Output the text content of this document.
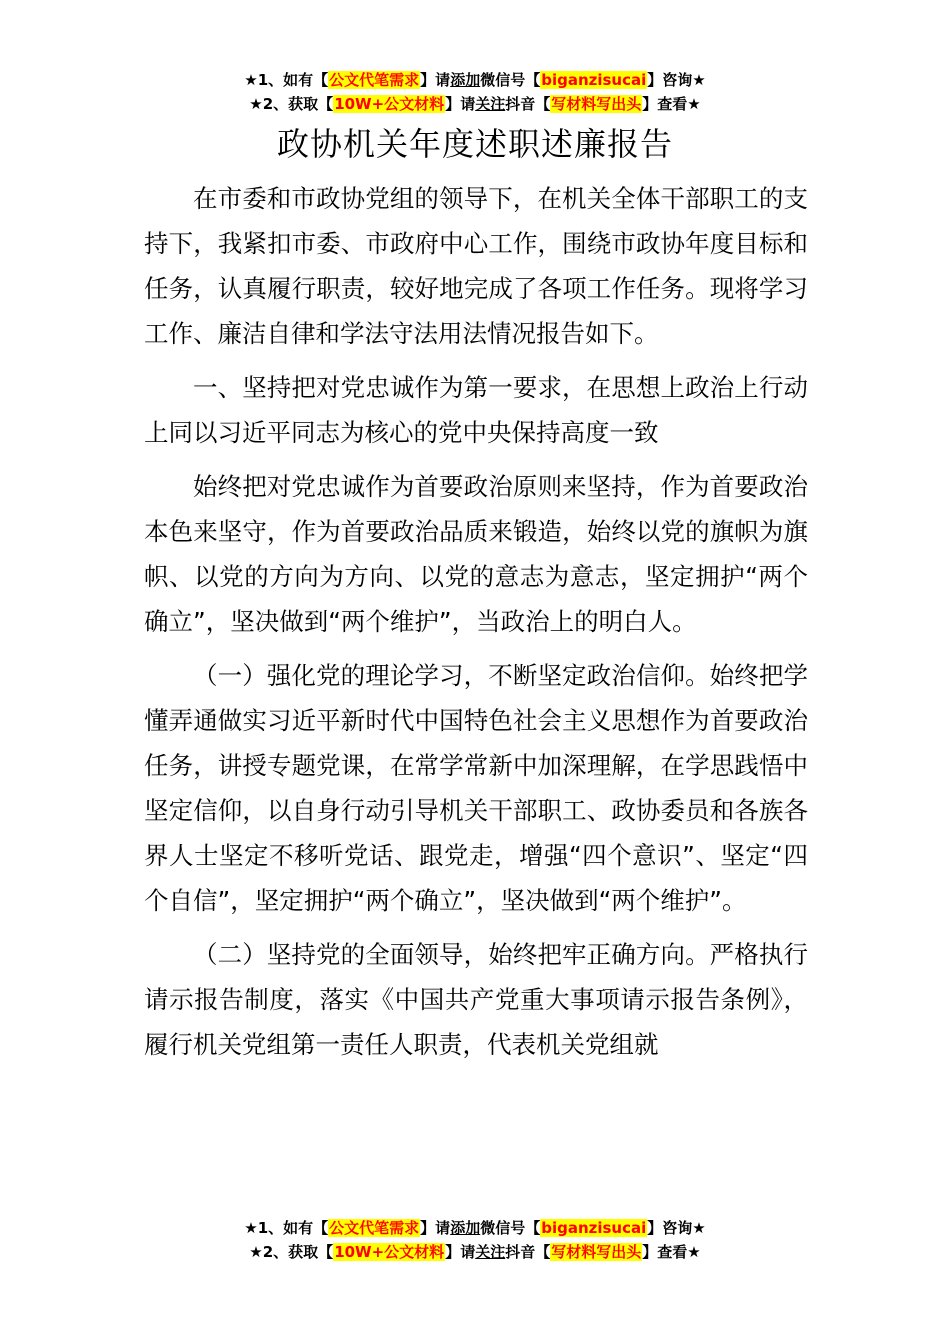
★1、如有【公文代笔需求】请添加微信号【biganzisucai】咨询★
★2、获取【10W+公文材料】请关注抖音【写材料写出头】查看★
政协机关年度述职述廉报告

在市委和市政协党组的领导下，在机关全体干部职工的支持下，我紧扣市委、市政府中心工作，围绕市政协年度目标和任务，认真履行职责，较好地完成了各项工作任务。现将学习工作、廉洁自律和学法守法用法情况报告如下。

一、坚持把对党忠诚作为第一要求，在思想上政治上行动上同以习近平同志为核心的党中央保持高度一致

始终把对党忠诚作为首要政治原则来坚持，作为首要政治本色来坚守，作为首要政治品质来锻造，始终以党的旗帜为旗帜、以党的方向为方向、以党的意志为意志，坚定拥护“两个确立”，坚决做到“两个维护”，当政治上的明白人。

（一）强化党的理论学习，不断坚定政治信仰。始终把学懂弄通做实习近平新时代中国特色社会主义思想作为首要政治任务，讲授专题党课，在常学常新中加深理解，在学思践悟中坚定信仰，以自身行动引导机关干部职工、政协委员和各族各界人士坚定不移听党话、跟党走，增强“四个意识”、坚定“四个自信”，坚定拥护“两个确立”，坚决做到“两个维护”。

（二）坚持党的全面领导，始终把牢正确方向。严格执行请示报告制度，落实《中国共产党重大事项请示报告条例》，履行机关党组第一责任人职责，代表机关党组就

★1、如有【公文代笔需求】请添加微信号【biganzisucai】咨询★
★2、获取【10W+公文材料】请关注抖音【写材料写出头】查看★
